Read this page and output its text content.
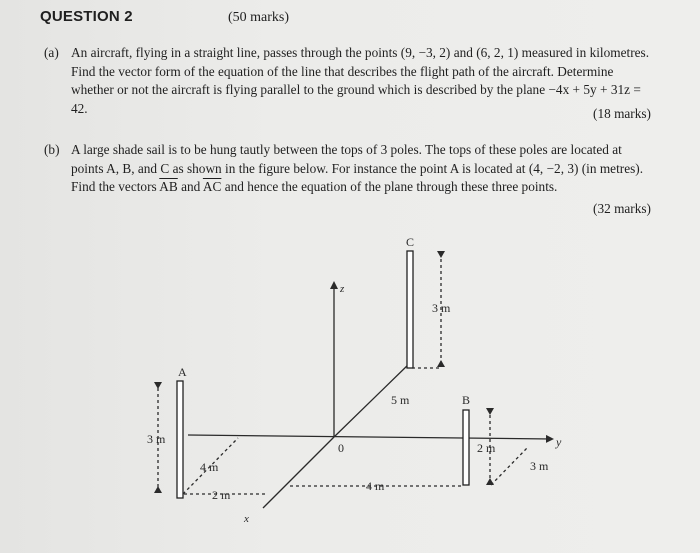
QUESTION 2	(50 marks)
(a) An aircraft, flying in a straight line, passes through the points (9, −3, 2) and (6, 2, 1) measured in kilometres. Find the vector form of the equation of the line that describes the flight path of the aircraft. Determine whether or not the aircraft is flying parallel to the ground which is described by the plane −4x + 5y + 31z = 42.	(18 marks)
(b) A large shade sail is to be hung tautly between the tops of 3 poles. The tops of these poles are located at points A, B, and C as shown in the figure below. For instance the point A is located at (4, −2, 3) (in metres). Find the vectors $\overline{AB}$ and $\overline{AC}$ and hence the equation of the plane through these three points.
(32 marks)
z
y
x
0
A
C
B
3 m
4 m
2 m
3 m
5 m
4 m
2 m
3 m
